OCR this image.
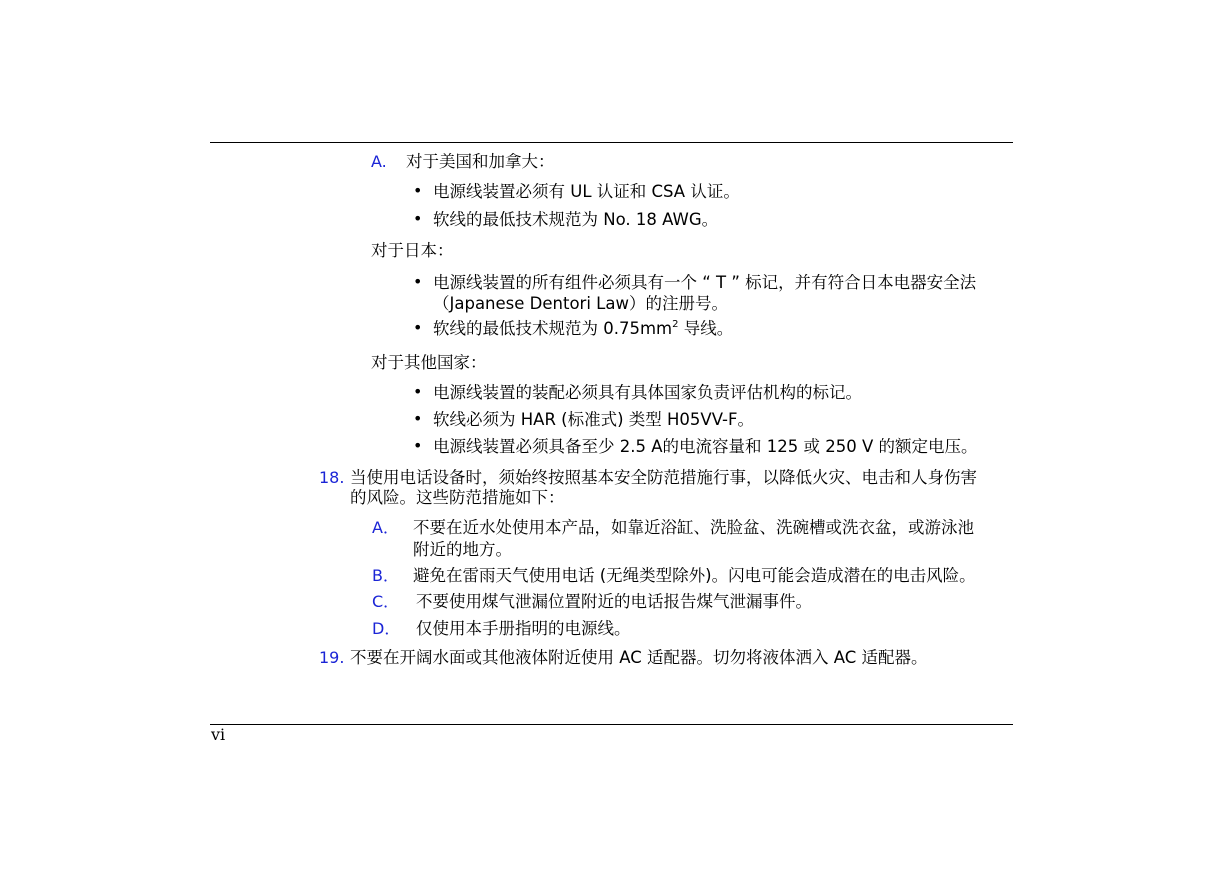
A. 对于美国和加拿大：
• 电源线装置必须有 UL 认证和 CSA 认证。
• 软线的最低技术规范为 No. 18 AWG。
对于日本：
• 电源线装置的所有组件必须具有一个 “ T ” 标记，并有符合日本电器安全法
（Japanese Dentori Law）的注册号。
• 软线的最低技术规范为 $0.75mm^2$ 导线。
对于其他国家：
• 电源线装置的装配必须具有具体国家负责评估机构的标记。
• 软线必须为 HAR (标准式) 类型 H05VV-F。
• 电源线装置必须具备至少 2.5 A的电流容量和 125 或 250 V 的额定电压。
18. 当使用电话设备时，须始终按照基本安全防范措施行事，以降低火灾、电击和人身伤害
的风险。这些防范措施如下：
A． 不要在近水处使用本产品，如靠近浴缸、洗脸盆、洗碗槽或洗衣盆，或游泳池
附近的地方。
B． 避免在雷雨天气使用电话 (无绳类型除外)。闪电可能会造成潜在的电击风险。
C． 不要使用煤气泄漏位置附近的电话报告煤气泄漏事件。
D． 仅使用本手册指明的电源线。
19. 不要在开阔水面或其他液体附近使用 AC 适配器。切勿将液体洒入 AC 适配器。
vi
